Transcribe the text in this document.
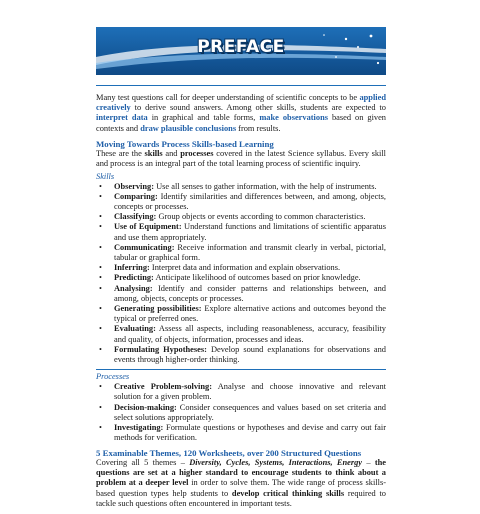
PREFACE

Many test questions call for deeper understanding of scientific concepts to be applied creatively to derive sound answers. Among other skills, students are expected to interpret data in graphical and table forms, make observations based on given contexts and draw plausible conclusions from results.

Moving Towards Process Skills-based Learning

These are the skills and processes covered in the latest Science syllabus. Every skill and process is an integral part of the total learning process of scientific inquiry.

Skills
• Observing: Use all senses to gather information, with the help of instruments.
• Comparing: Identify similarities and differences between, and among, objects, concepts or processes.
• Classifying: Group objects or events according to common characteristics.
• Use of Equipment: Understand functions and limitations of scientific apparatus and use them appropriately.
• Communicating: Receive information and transmit clearly in verbal, pictorial, tabular or graphical form.
• Inferring: Interpret data and information and explain observations.
• Predicting: Anticipate likelihood of outcomes based on prior knowledge.
• Analysing: Identify and consider patterns and relationships between, and among, objects, concepts or processes.
• Generating possibilities: Explore alternative actions and outcomes beyond the typical or preferred ones.
• Evaluating: Assess all aspects, including reasonableness, accuracy, feasibility and quality, of objects, information, processes and ideas.
• Formulating Hypotheses: Develop sound explanations for observations and events through higher-order thinking.
Processes
• Creative Problem-solving: Analyse and choose innovative and relevant solution for a given problem.
• Decision-making: Consider consequences and values based on set criteria and select solutions appropriately.
• Investigating: Formulate questions or hypotheses and devise and carry out fair methods for verification.
5 Examinable Themes, 120 Worksheets, over 200 Structured Questions

Covering all 5 themes – Diversity, Cycles, Systems, Interactions, Energy – the questions are set at a higher standard to encourage students to think about a problem at a deeper level in order to solve them. The wide range of process skills-based question types help students to develop critical thinking skills required to tackle such questions often encountered in important tests.
